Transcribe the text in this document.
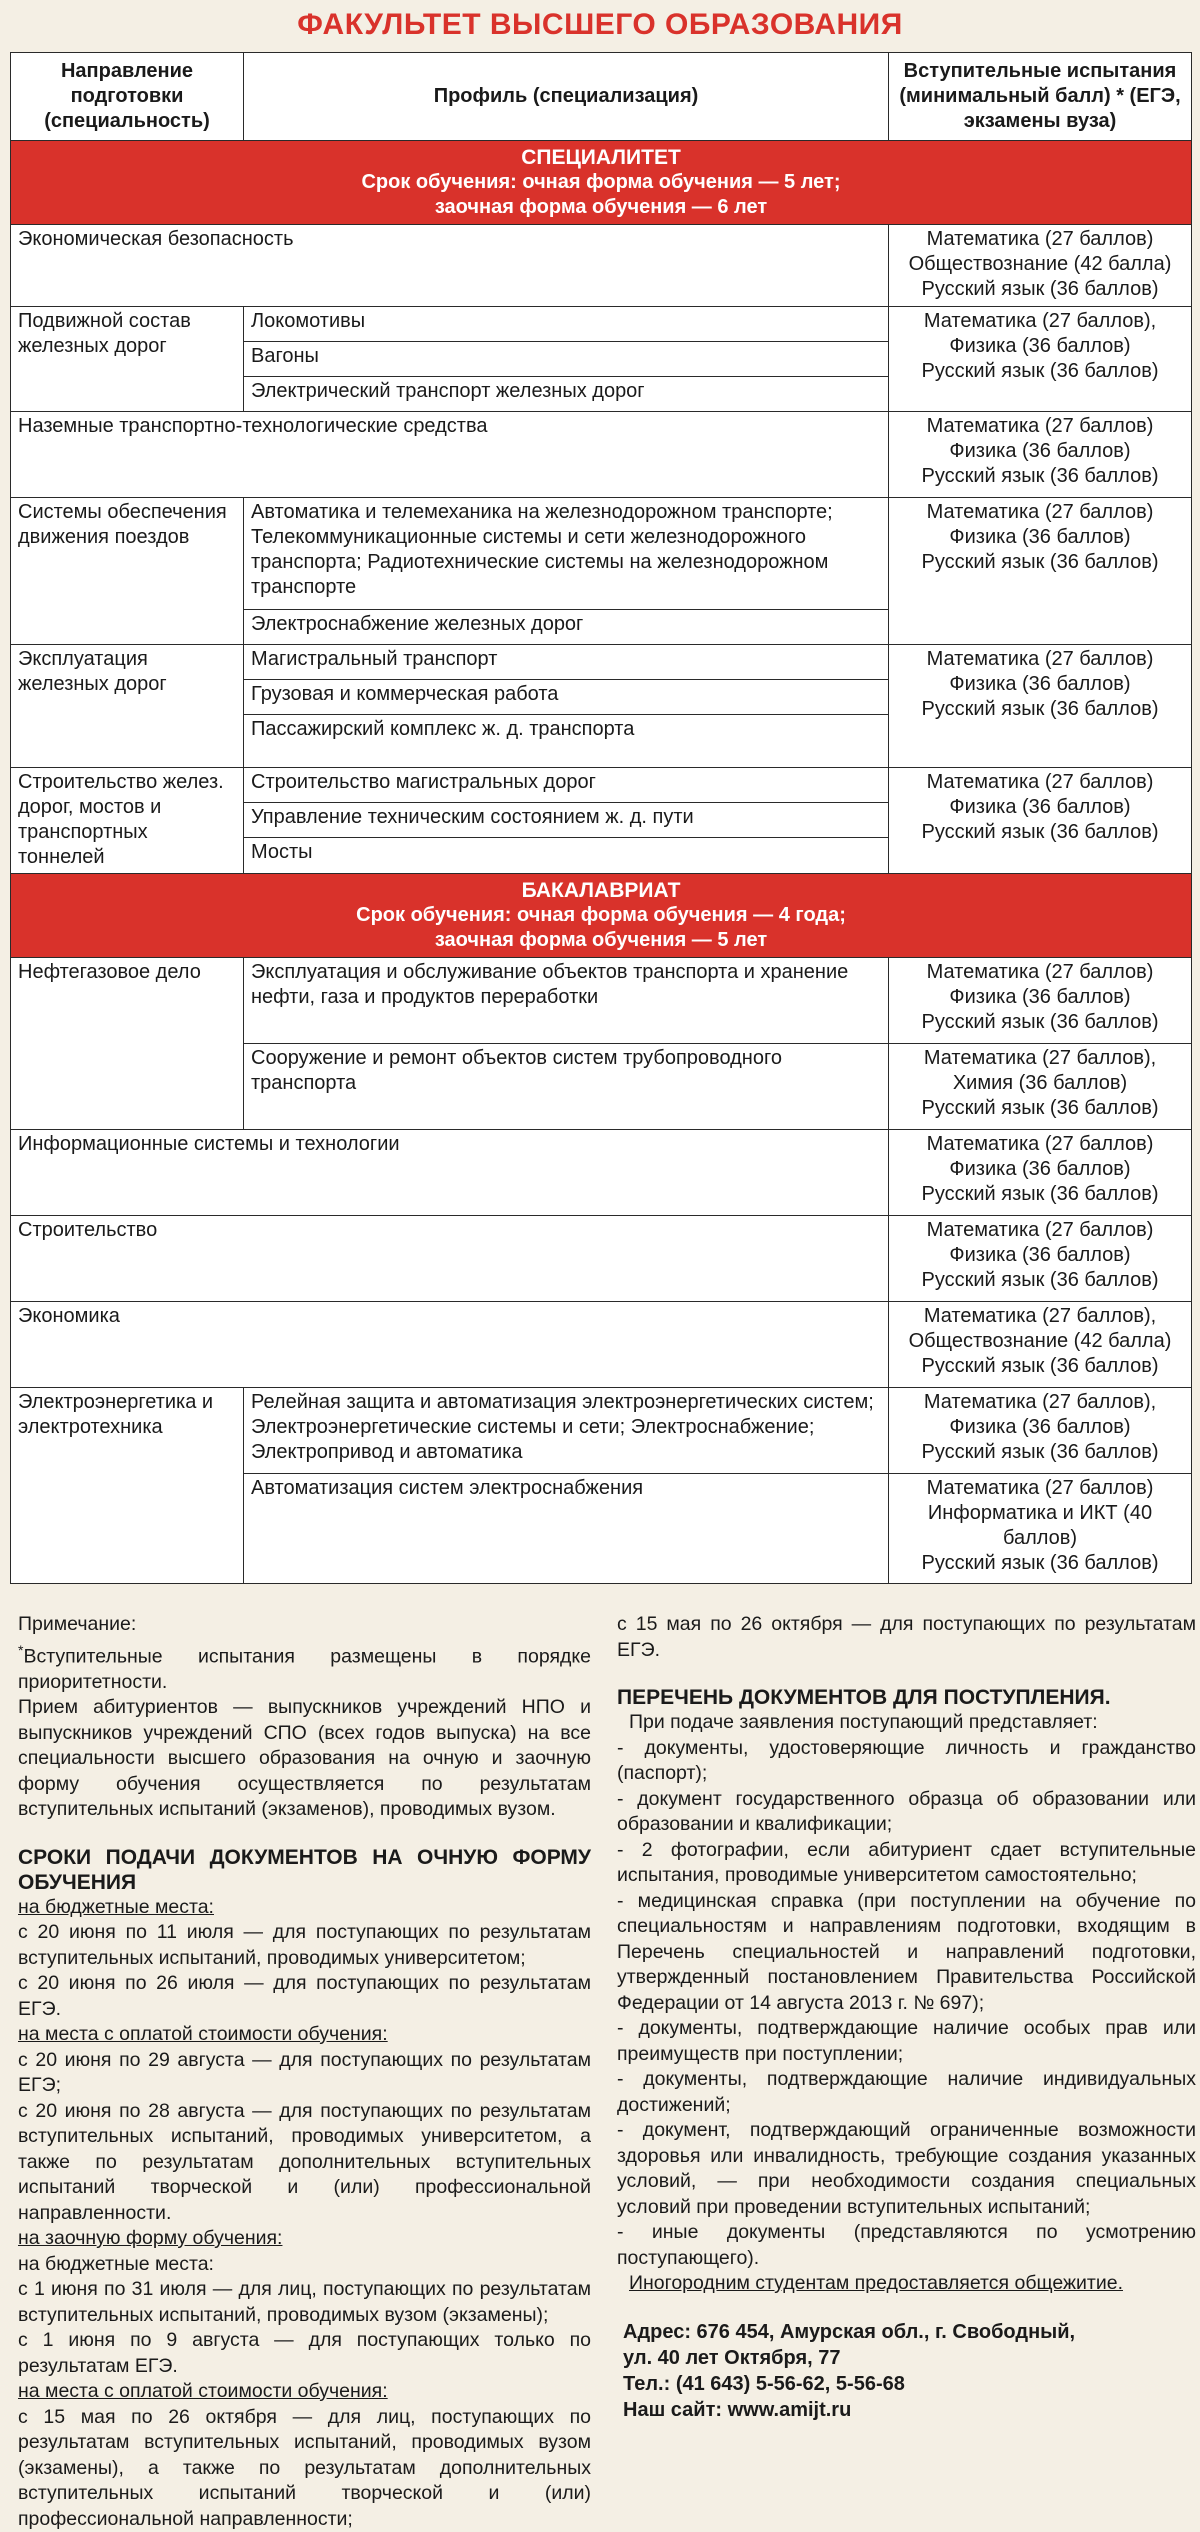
ФАКУЛЬТЕТ ВЫСШЕГО ОБРАЗОВАНИЯ
Направление подготовки (специальность)	Профиль (специализация)	Вступительные испытания (минимальный балл) * (ЕГЭ, экзамены вуза)

СПЕЦИАЛИТЕТ
Срок обучения: очная форма обучения — 5 лет;
заочная форма обучения — 6 лет		

Экономическая безопасность		Математика (27 баллов)
Обществознание (42 балла)
Русский язык (36 баллов)

Подвижной состав железных дорог	Локомотивы	Математика (27 баллов),
Физика (36 баллов)
Русский язык (36 баллов)

	Вагоны	
	Электрический транспорт железных дорог	
Наземные транспортно-технологические средства		Математика (27 баллов)
Физика (36 баллов)
Русский язык (36 баллов)

Системы обеспечения движения поездов	Автоматика и телемеханика на железнодорожном транспорте; Телекоммуникационные системы и сети железнодорожного транспорта; Радиотехнические системы на железнодорожном транспорте	Математика (27 баллов)
Физика (36 баллов)
Русский язык (36 баллов)

	Электроснабжение железных дорог	
Эксплуатация железных дорог	Магистральный транспорт	Математика (27 баллов)
Физика (36 баллов)
Русский язык (36 баллов)

	Грузовая и коммерческая работа	
	Пассажирский комплекс ж. д. транспорта	
Строительство желез. дорог, мостов и транспортных тоннелей	Строительство магистральных дорог	Математика (27 баллов)
Физика (36 баллов)
Русский язык (36 баллов)

	Управление техническим состоянием ж. д. пути	
	Мосты	

БАКАЛАВРИАТ
Срок обучения: очная форма обучения — 4 года;
заочная форма обучения — 5 лет		

Нефтегазовое дело	Эксплуатация и обслуживание объектов транспорта и хранение нефти, газа и продуктов переработки	Математика (27 баллов)
Физика (36 баллов)
Русский язык (36 баллов)

	Сооружение и ремонт объектов систем трубопроводного транспорта	Математика (27 баллов),
Химия (36 баллов)
Русский язык (36 баллов)

Информационные системы и технологии		Математика (27 баллов)
Физика (36 баллов)
Русский язык (36 баллов)

Строительство		Математика (27 баллов)
Физика (36 баллов)
Русский язык (36 баллов)

Экономика		Математика (27 баллов),
Обществознание (42 балла)
Русский язык (36 баллов)

Электроэнергетика и электротехника	Релейная защита и автоматизация электроэнергетических систем; Электроэнергетические системы и сети; Электроснабжение; Электропривод и автоматика	Математика (27 баллов),
Физика (36 баллов)
Русский язык (36 баллов)

	Автоматизация систем электроснабжения	Математика (27 баллов)
Информатика и ИКТ (40 баллов)
Русский язык (36 баллов)

Примечание:

*Вступительные испытания размещены в порядке приоритетности.

Прием абитуриентов — выпускников учреждений НПО и выпускников учреждений СПО (всех годов выпуска) на все специальности высшего образования на очную и заочную форму обучения осуществляется по результатам вступительных испытаний (экзаменов), проводимых вузом.

СРОКИ ПОДАЧИ ДОКУМЕНТОВ НА ОЧНУЮ ФОРМУ ОБУЧЕНИЯ

на бюджетные места:

с 20 июня по 11 июля — для поступающих по результатам вступительных испытаний, проводимых университетом;

с 20 июня по 26 июля — для поступающих по результатам ЕГЭ.

на места с оплатой стоимости обучения:

с 20 июня по 29 августа — для поступающих по результатам ЕГЭ;

с 20 июня по 28 августа — для поступающих по результатам вступительных испытаний, проводимых университетом, а также по результатам дополнительных вступительных испытаний творческой и (или) профессиональной направленности.

на заочную форму обучения:

на бюджетные места:

с 1 июня по 31 июля — для лиц, поступающих по результатам вступительных испытаний, проводимых вузом (экзамены);

с 1 июня по 9 августа — для поступающих только по результатам ЕГЭ.

на места с оплатой стоимости обучения:

с 15 мая по 26 октября — для лиц, поступающих по результатам вступительных испытаний, проводимых вузом (экзамены), а также по результатам дополнительных вступительных испытаний творческой и (или) профессиональной направленности;

с 15 мая по 26 октября — для поступающих по результатам ЕГЭ.

ПЕРЕЧЕНЬ ДОКУМЕНТОВ ДЛЯ ПОСТУПЛЕНИЯ.

При подаче заявления поступающий представляет:

- документы, удостоверяющие личность и гражданство (паспорт);

- документ государственного образца об образовании или образовании и квалификации;

- 2 фотографии, если абитуриент сдает вступительные испытания, проводимые университетом самостоятельно;

- медицинская справка (при поступлении на обучение по специальностям и направлениям подготовки, входящим в Перечень специальностей и направлений подготовки, утвержденный постановлением Правительства Российской Федерации от 14 августа 2013 г. № 697);

- документы, подтверждающие наличие особых прав или преимуществ при поступлении;

- документы, подтверждающие наличие индивидуальных достижений;

- документ, подтверждающий ограниченные возможности здоровья или инвалидность, требующие создания указанных условий, — при необходимости создания специальных условий при проведении вступительных испытаний;

- иные документы (представляются по усмотрению поступающего).

Иногородним студентам предоставляется общежитие.

Адрес: 676 454, Амурская обл., г. Свободный,

ул. 40 лет Октября, 77

Тел.: (41 643) 5-56-62, 5-56-68

Наш сайт: www.amijt.ru
